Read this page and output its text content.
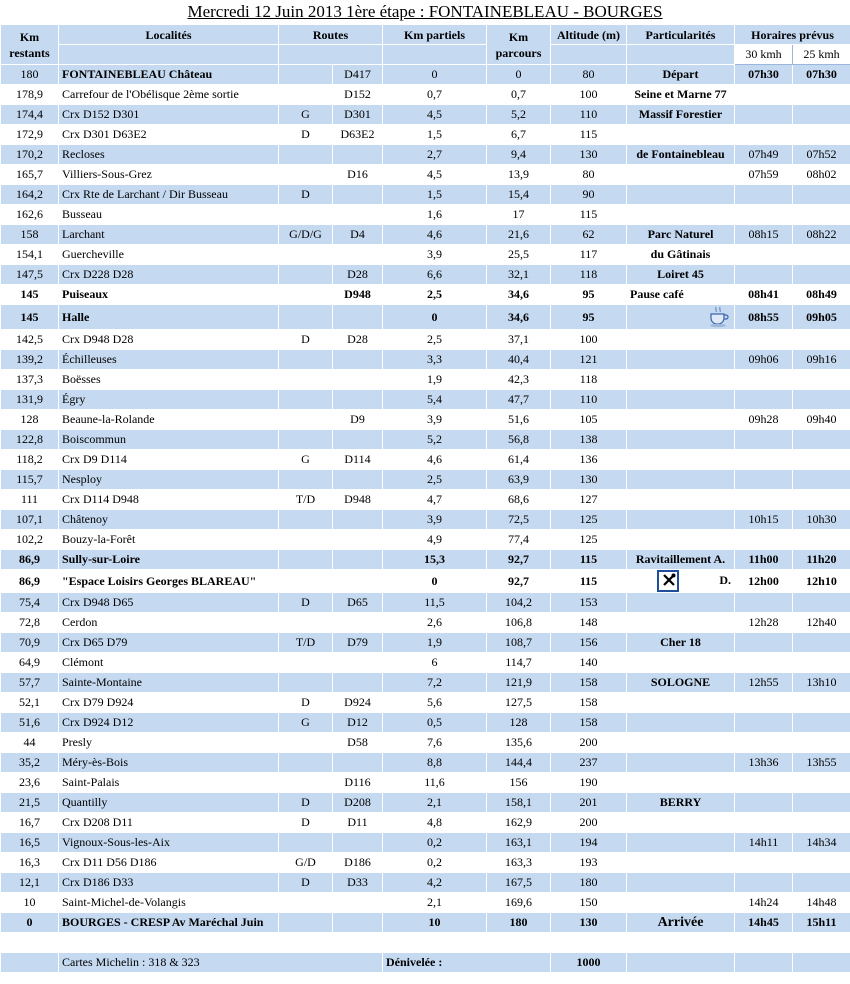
Mercredi 12 Juin 2013 1ère étape : FONTAINEBLEAU - BOURGES
Km restants	Localités	Routes		Km partiels	Km parcours	Altitude (m)	Particularités	Horaires prévus	
								30 kmh	25 kmh
180	FONTAINEBLEAU Château		D417	0	0	80	Départ	07h30	07h30
178,9	Carrefour de l'Obélisque 2ème sortie		D152	0,7	0,7	100	Seine et Marne 77		
174,4	Crx D152 D301	G	D301	4,5	5,2	110	Massif Forestier		
172,9	Crx D301 D63E2	D	D63E2	1,5	6,7	115			
170,2	Recloses			2,7	9,4	130	de Fontainebleau	07h49	07h52
165,7	Villiers-Sous-Grez		D16	4,5	13,9	80		07h59	08h02
164,2	Crx Rte de Larchant / Dir Busseau	D		1,5	15,4	90			
162,6	Busseau			1,6	17	115			
158	Larchant	G/D/G	D4	4,6	21,6	62	Parc Naturel	08h15	08h22
154,1	Guercheville			3,9	25,5	117	du Gâtinais		
147,5	Crx D228 D28		D28	6,6	32,1	118	Loiret 45		
145	Puiseaux		D948	2,5	34,6	95	Pause café	08h41	08h49
145	Halle			0	34,6	95		08h55	09h05
142,5	Crx D948 D28	D	D28	2,5	37,1	100			
139,2	Échilleuses			3,3	40,4	121		09h06	09h16
137,3	Boësses			1,9	42,3	118			
131,9	Égry			5,4	47,7	110			
128	Beaune-la-Rolande		D9	3,9	51,6	105		09h28	09h40
122,8	Boiscommun			5,2	56,8	138			
118,2	Crx D9 D114	G	D114	4,6	61,4	136			
115,7	Nesploy			2,5	63,9	130			
111	Crx D114 D948	T/D	D948	4,7	68,6	127			
107,1	Châtenoy			3,9	72,5	125		10h15	10h30
102,2	Bouzy-la-Forêt			4,9	77,4	125			
86,9	Sully-sur-Loire			15,3	92,7	115	Ravitaillement A.	11h00	11h20
86,9	"Espace Loisirs Georges BLAREAU"			0	92,7	115	D.	12h00	12h10
75,4	Crx D948 D65	D	D65	11,5	104,2	153			
72,8	Cerdon			2,6	106,8	148		12h28	12h40
70,9	Crx D65 D79	T/D	D79	1,9	108,7	156	Cher 18		
64,9	Clémont			6	114,7	140			
57,7	Sainte-Montaine			7,2	121,9	158	SOLOGNE	12h55	13h10
52,1	Crx D79 D924	D	D924	5,6	127,5	158			
51,6	Crx D924 D12	G	D12	0,5	128	158			
44	Presly		D58	7,6	135,6	200			
35,2	Méry-ès-Bois			8,8	144,4	237		13h36	13h55
23,6	Saint-Palais		D116	11,6	156	190			
21,5	Quantilly	D	D208	2,1	158,1	201	BERRY		
16,7	Crx D208 D11	D	D11	4,8	162,9	200			
16,5	Vignoux-Sous-les-Aix			0,2	163,1	194		14h11	14h34
16,3	Crx D11 D56 D186	G/D	D186	0,2	163,3	193			
12,1	Crx D186 D33	D	D33	4,2	167,5	180			
10	Saint-Michel-de-Volangis			2,1	169,6	150		14h24	14h48
0	BOURGES - CRESP Av Maréchal Juin			10	180	130	Arrivée	14h45	15h11

	Cartes Michelin : 318 & 323			Dénivelée :		1000			
